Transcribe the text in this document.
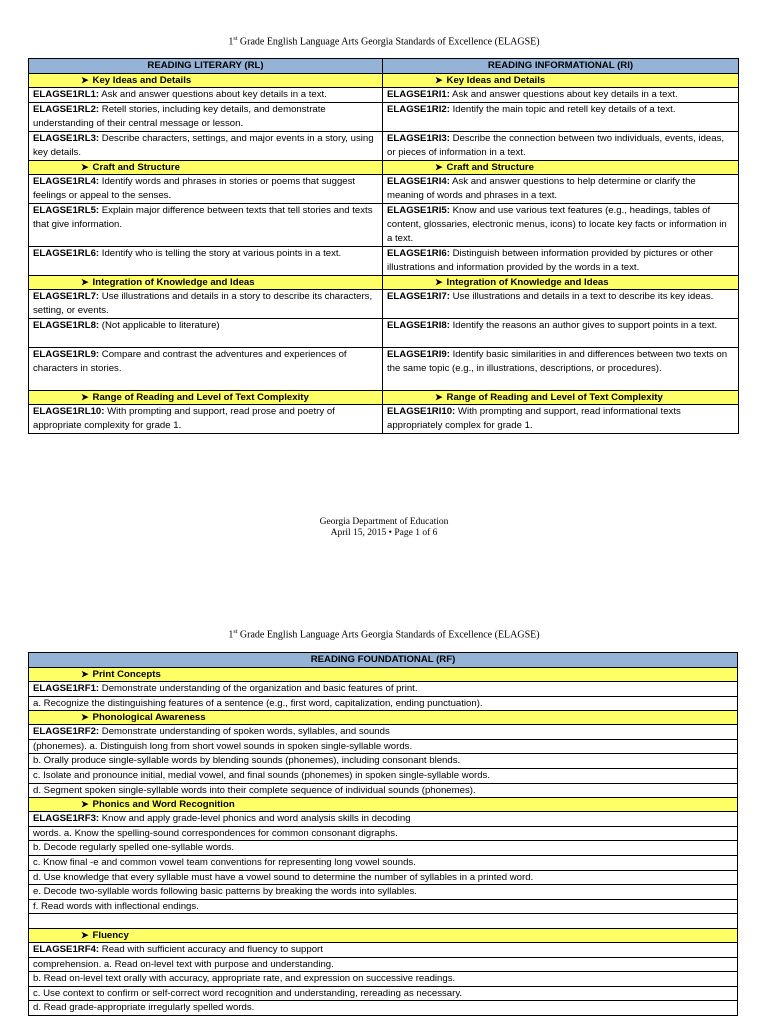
1st Grade English Language Arts Georgia Standards of Excellence (ELAGSE)
READING LITERARY (RL)	READING INFORMATIONAL (RI)
➤ Key Ideas and Details	➤ Key Ideas and Details
ELAGSE1RL1: Ask and answer questions about key details in a text.	ELAGSE1RI1: Ask and answer questions about key details in a text.
ELAGSE1RL2: Retell stories, including key details, and demonstrate understanding of their central message or lesson.	ELAGSE1RI2: Identify the main topic and retell key details of a text.
ELAGSE1RL3: Describe characters, settings, and major events in a story, using key details.	ELAGSE1RI3: Describe the connection between two individuals, events, ideas, or pieces of information in a text.
➤ Craft and Structure	➤ Craft and Structure
ELAGSE1RL4: Identify words and phrases in stories or poems that suggest feelings or appeal to the senses.	ELAGSE1RI4: Ask and answer questions to help determine or clarify the meaning of words and phrases in a text.
ELAGSE1RL5: Explain major difference between texts that tell stories and texts that give information.	ELAGSE1RI5: Know and use various text features (e.g., headings, tables of content, glossaries, electronic menus, icons) to locate key facts or information in a text.
ELAGSE1RL6: Identify who is telling the story at various points in a text.	ELAGSE1RI6: Distinguish between information provided by pictures or other illustrations and information provided by the words in a text.
➤ Integration of Knowledge and Ideas	➤ Integration of Knowledge and Ideas
ELAGSE1RL7: Use illustrations and details in a story to describe its characters, setting, or events.	ELAGSE1RI7: Use illustrations and details in a text to describe its key ideas.
ELAGSE1RL8: (Not applicable to literature)	ELAGSE1RI8: Identify the reasons an author gives to support points in a text.
ELAGSE1RL9: Compare and contrast the adventures and experiences of characters in stories.	ELAGSE1RI9: Identify basic similarities in and differences between two texts on the same topic (e.g., in illustrations, descriptions, or procedures).
➤ Range of Reading and Level of Text Complexity	➤ Range of Reading and Level of Text Complexity
ELAGSE1RL10: With prompting and support, read prose and poetry of appropriate complexity for grade 1.	ELAGSE1RI10: With prompting and support, read informational texts appropriately complex for grade 1.
Georgia Department of Education
April 15, 2015 • Page 1 of 6
1st Grade English Language Arts Georgia Standards of Excellence (ELAGSE)
READING FOUNDATIONAL (RF)
➤ Print Concepts
ELAGSE1RF1: Demonstrate understanding of the organization and basic features of print.
a. Recognize the distinguishing features of a sentence (e.g., first word, capitalization, ending punctuation).
➤ Phonological Awareness
ELAGSE1RF2: Demonstrate understanding of spoken words, syllables, and sounds
(phonemes). a. Distinguish long from short vowel sounds in spoken single-syllable words.
b. Orally produce single-syllable words by blending sounds (phonemes), including consonant blends.
c. Isolate and pronounce initial, medial vowel, and final sounds (phonemes) in spoken single-syllable words.
d. Segment spoken single-syllable words into their complete sequence of individual sounds (phonemes).
➤ Phonics and Word Recognition
ELAGSE1RF3: Know and apply grade-level phonics and word analysis skills in decoding
words. a. Know the spelling-sound correspondences for common consonant digraphs.
b. Decode regularly spelled one-syllable words.
c. Know final -e and common vowel team conventions for representing long vowel sounds.
d. Use knowledge that every syllable must have a vowel sound to determine the number of syllables in a printed word.
e. Decode two-syllable words following basic patterns by breaking the words into syllables.
f. Read words with inflectional endings.

➤ Fluency
ELAGSE1RF4: Read with sufficient accuracy and fluency to support
comprehension. a. Read on-level text with purpose and understanding.
b. Read on-level text orally with accuracy, appropriate rate, and expression on successive readings.
c. Use context to confirm or self-correct word recognition and understanding, rereading as necessary.
d. Read grade-appropriate irregularly spelled words.
